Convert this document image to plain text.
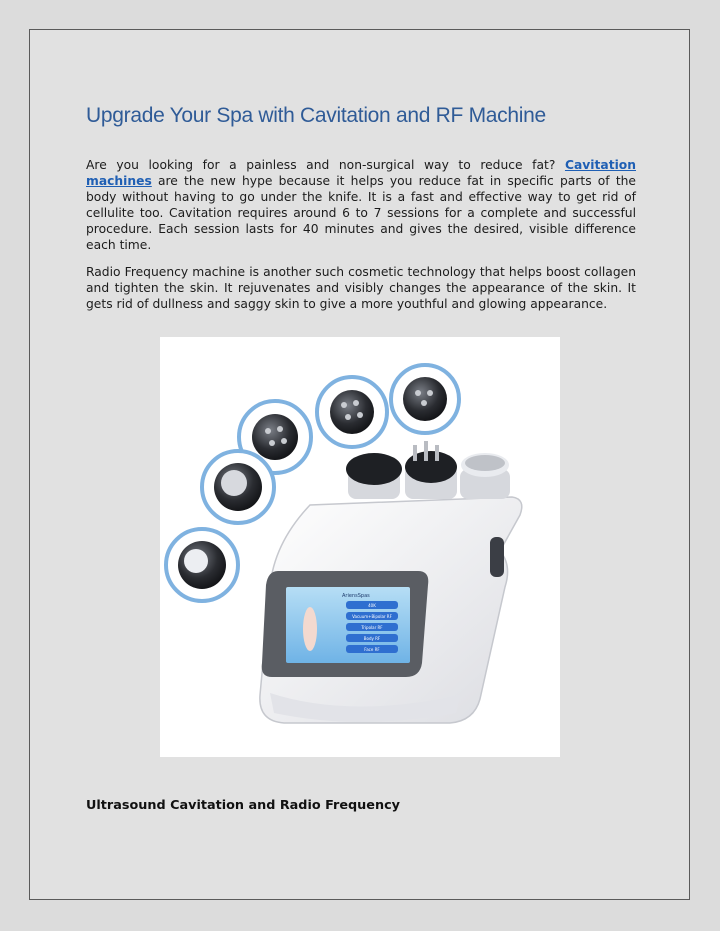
Upgrade Your Spa with Cavitation and RF Machine

Are you looking for a painless and non-surgical way to reduce fat? Cavitation machines are the new hype because it helps you reduce fat in specific parts of the body without having to go under the knife. It is a fast and effective way to get rid of cellulite too. Cavitation requires around 6 to 7 sessions for a complete and successful procedure. Each session lasts for 40 minutes and gives the desired, visible difference each time.

Radio Frequency machine is another such cosmetic technology that helps boost collagen and tighten the skin. It rejuvenates and visibly changes the appearance of the skin. It gets rid of dullness and saggy skin to give a more youthful and glowing appearance.

AriensSpas
40K
Vacuum+Bipolar RF
Tripolar RF
Body RF
Face RF
Ultrasound Cavitation and Radio Frequency
